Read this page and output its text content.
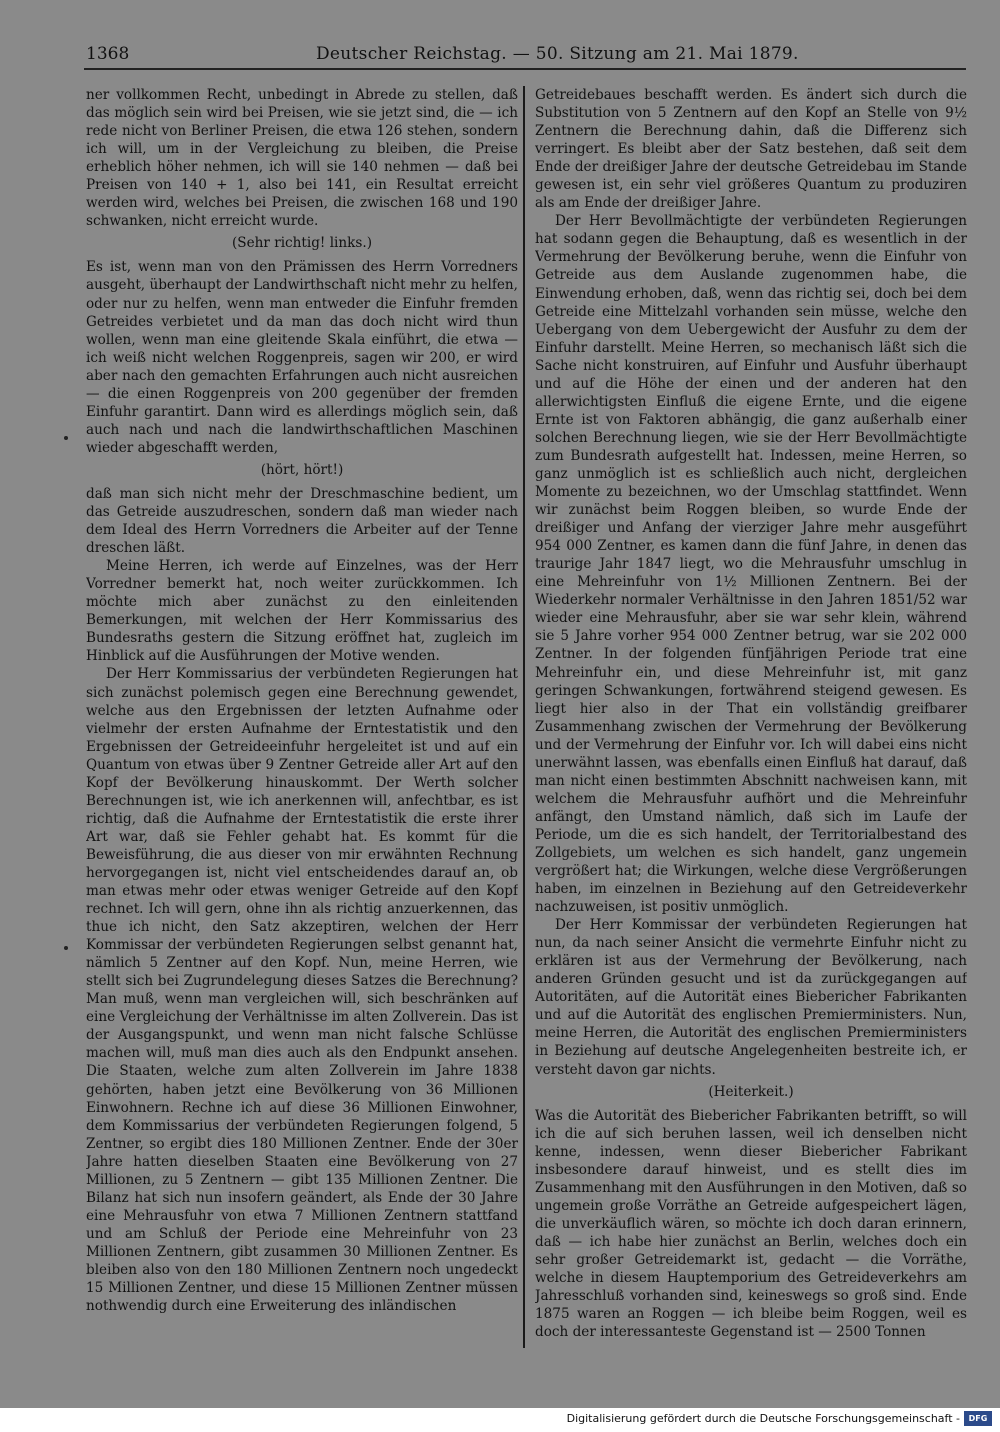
1368	Deutscher Reichstag. — 50. Sitzung am 21. Mai 1879.

ner vollkommen Recht, unbedingt in Abrede zu stellen, daß das möglich sein wird bei Preisen, wie sie jetzt sind, die — ich rede nicht von Berliner Preisen, die etwa 126 stehen, sondern ich will, um in der Vergleichung zu bleiben, die Preise erheblich höher nehmen, ich will sie 140 nehmen — daß bei Preisen von 140 + 1, also bei 141, ein Resultat erreicht werden wird, welches bei Preisen, die zwischen 168 und 190 schwanken, nicht erreicht wurde.

(Sehr richtig! links.)

Es ist, wenn man von den Prämissen des Herrn Vorredners ausgeht, überhaupt der Landwirthschaft nicht mehr zu helfen, oder nur zu helfen, wenn man entweder die Einfuhr fremden Getreides verbietet und da man das doch nicht wird thun wollen, wenn man eine gleitende Skala einführt, die etwa — ich weiß nicht welchen Roggenpreis, sagen wir 200, er wird aber nach den gemachten Erfahrungen auch nicht ausreichen — die einen Roggenpreis von 200 gegenüber der fremden Einfuhr garantirt. Dann wird es allerdings möglich sein, daß auch nach und nach die landwirthschaftlichen Maschinen wieder abgeschafft werden,

(hört, hört!)

daß man sich nicht mehr der Dreschmaschine bedient, um das Getreide auszudreschen, sondern daß man wieder nach dem Ideal des Herrn Vorredners die Arbeiter auf der Tenne dreschen läßt.

Meine Herren, ich werde auf Einzelnes, was der Herr Vorredner bemerkt hat, noch weiter zurückkommen. Ich möchte mich aber zunächst zu den einleitenden Bemerkungen, mit welchen der Herr Kommissarius des Bundesraths gestern die Sitzung eröffnet hat, zugleich im Hinblick auf die Ausführungen der Motive wenden.

Der Herr Kommissarius der verbündeten Regierungen hat sich zunächst polemisch gegen eine Berechnung gewendet, welche aus den Ergebnissen der letzten Aufnahme oder vielmehr der ersten Aufnahme der Erntestatistik und den Ergebnissen der Getreideeinfuhr hergeleitet ist und auf ein Quantum von etwas über 9 Zentner Getreide aller Art auf den Kopf der Bevölkerung hinauskommt. Der Werth solcher Berechnungen ist, wie ich anerkennen will, anfechtbar, es ist richtig, daß die Aufnahme der Erntestatistik die erste ihrer Art war, daß sie Fehler gehabt hat. Es kommt für die Beweisführung, die aus dieser von mir erwähnten Rechnung hervorgegangen ist, nicht viel entscheidendes darauf an, ob man etwas mehr oder etwas weniger Getreide auf den Kopf rechnet. Ich will gern, ohne ihn als richtig anzuerkennen, das thue ich nicht, den Satz akzeptiren, welchen der Herr Kommissar der verbündeten Regierungen selbst genannt hat, nämlich 5 Zentner auf den Kopf. Nun, meine Herren, wie stellt sich bei Zugrundelegung dieses Satzes die Berechnung? Man muß, wenn man vergleichen will, sich beschränken auf eine Vergleichung der Verhältnisse im alten Zollverein. Das ist der Ausgangspunkt, und wenn man nicht falsche Schlüsse machen will, muß man dies auch als den Endpunkt ansehen. Die Staaten, welche zum alten Zollverein im Jahre 1838 gehörten, haben jetzt eine Bevölkerung von 36 Millionen Einwohnern. Rechne ich auf diese 36 Millionen Einwohner, dem Kommissarius der verbündeten Regierungen folgend, 5 Zentner, so ergibt dies 180 Millionen Zentner. Ende der 30er Jahre hatten dieselben Staaten eine Bevölkerung von 27 Millionen, zu 5 Zentnern — gibt 135 Millionen Zentner. Die Bilanz hat sich nun insofern geändert, als Ende der 30 Jahre eine Mehrausfuhr von etwa 7 Millionen Zentnern stattfand und am Schluß der Periode eine Mehreinfuhr von 23 Millionen Zentnern, gibt zusammen 30 Millionen Zentner. Es bleiben also von den 180 Millionen Zentnern noch ungedeckt 15 Millionen Zentner, und diese 15 Millionen Zentner müssen nothwendig durch eine Erweiterung des inländischen

Getreidebaues beschafft werden. Es ändert sich durch die Substitution von 5 Zentnern auf den Kopf an Stelle von 9½ Zentnern die Berechnung dahin, daß die Differenz sich verringert. Es bleibt aber der Satz bestehen, daß seit dem Ende der dreißiger Jahre der deutsche Getreidebau im Stande gewesen ist, ein sehr viel größeres Quantum zu produziren als am Ende der dreißiger Jahre.

Der Herr Bevollmächtigte der verbündeten Regierungen hat sodann gegen die Behauptung, daß es wesentlich in der Vermehrung der Bevölkerung beruhe, wenn die Einfuhr von Getreide aus dem Auslande zugenommen habe, die Einwendung erhoben, daß, wenn das richtig sei, doch bei dem Getreide eine Mittelzahl vorhanden sein müsse, welche den Uebergang von dem Uebergewicht der Ausfuhr zu dem der Einfuhr darstellt. Meine Herren, so mechanisch läßt sich die Sache nicht konstruiren, auf Einfuhr und Ausfuhr überhaupt und auf die Höhe der einen und der anderen hat den allerwichtigsten Einfluß die eigene Ernte, und die eigene Ernte ist von Faktoren abhängig, die ganz außerhalb einer solchen Berechnung liegen, wie sie der Herr Bevollmächtigte zum Bundesrath aufgestellt hat. Indessen, meine Herren, so ganz unmöglich ist es schließlich auch nicht, dergleichen Momente zu bezeichnen, wo der Umschlag stattfindet. Wenn wir zunächst beim Roggen bleiben, so wurde Ende der dreißiger und Anfang der vierziger Jahre mehr ausgeführt 954 000 Zentner, es kamen dann die fünf Jahre, in denen das traurige Jahr 1847 liegt, wo die Mehrausfuhr umschlug in eine Mehreinfuhr von 1½ Millionen Zentnern. Bei der Wiederkehr normaler Verhältnisse in den Jahren 1851/52 war wieder eine Mehrausfuhr, aber sie war sehr klein, während sie 5 Jahre vorher 954 000 Zentner betrug, war sie 202 000 Zentner. In der folgenden fünfjährigen Periode trat eine Mehreinfuhr ein, und diese Mehreinfuhr ist, mit ganz geringen Schwankungen, fortwährend steigend gewesen. Es liegt hier also in der That ein vollständig greifbarer Zusammenhang zwischen der Vermehrung der Bevölkerung und der Vermehrung der Einfuhr vor. Ich will dabei eins nicht unerwähnt lassen, was ebenfalls einen Einfluß hat darauf, daß man nicht einen bestimmten Abschnitt nachweisen kann, mit welchem die Mehrausfuhr aufhört und die Mehreinfuhr anfängt, den Umstand nämlich, daß sich im Laufe der Periode, um die es sich handelt, der Territorialbestand des Zollgebiets, um welchen es sich handelt, ganz ungemein vergrößert hat; die Wirkungen, welche diese Vergrößerungen haben, im einzelnen in Beziehung auf den Getreideverkehr nachzuweisen, ist positiv unmöglich.

Der Herr Kommissar der verbündeten Regierungen hat nun, da nach seiner Ansicht die vermehrte Einfuhr nicht zu erklären ist aus der Vermehrung der Bevölkerung, nach anderen Gründen gesucht und ist da zurückgegangen auf Autoritäten, auf die Autorität eines Biebericher Fabrikanten und auf die Autorität des englischen Premierministers. Nun, meine Herren, die Autorität des englischen Premierministers in Beziehung auf deutsche Angelegenheiten bestreite ich, er versteht davon gar nichts.

(Heiterkeit.)

Was die Autorität des Biebericher Fabrikanten betrifft, so will ich die auf sich beruhen lassen, weil ich denselben nicht kenne, indessen, wenn dieser Biebericher Fabrikant insbesondere darauf hinweist, und es stellt dies im Zusammenhang mit den Ausführungen in den Motiven, daß so ungemein große Vorräthe an Getreide aufgespeichert lägen, die unverkäuflich wären, so möchte ich doch daran erinnern, daß — ich habe hier zunächst an Berlin, welches doch ein sehr großer Getreidemarkt ist, gedacht — die Vorräthe, welche in diesem Hauptemporium des Getreideverkehrs am Jahresschluß vorhanden sind, keineswegs so groß sind. Ende 1875 waren an Roggen — ich bleibe beim Roggen, weil es doch der interessanteste Gegenstand ist — 2500 Tonnen

Digitalisierung gefördert durch die Deutsche Forschungsgemeinschaft -	DFG
